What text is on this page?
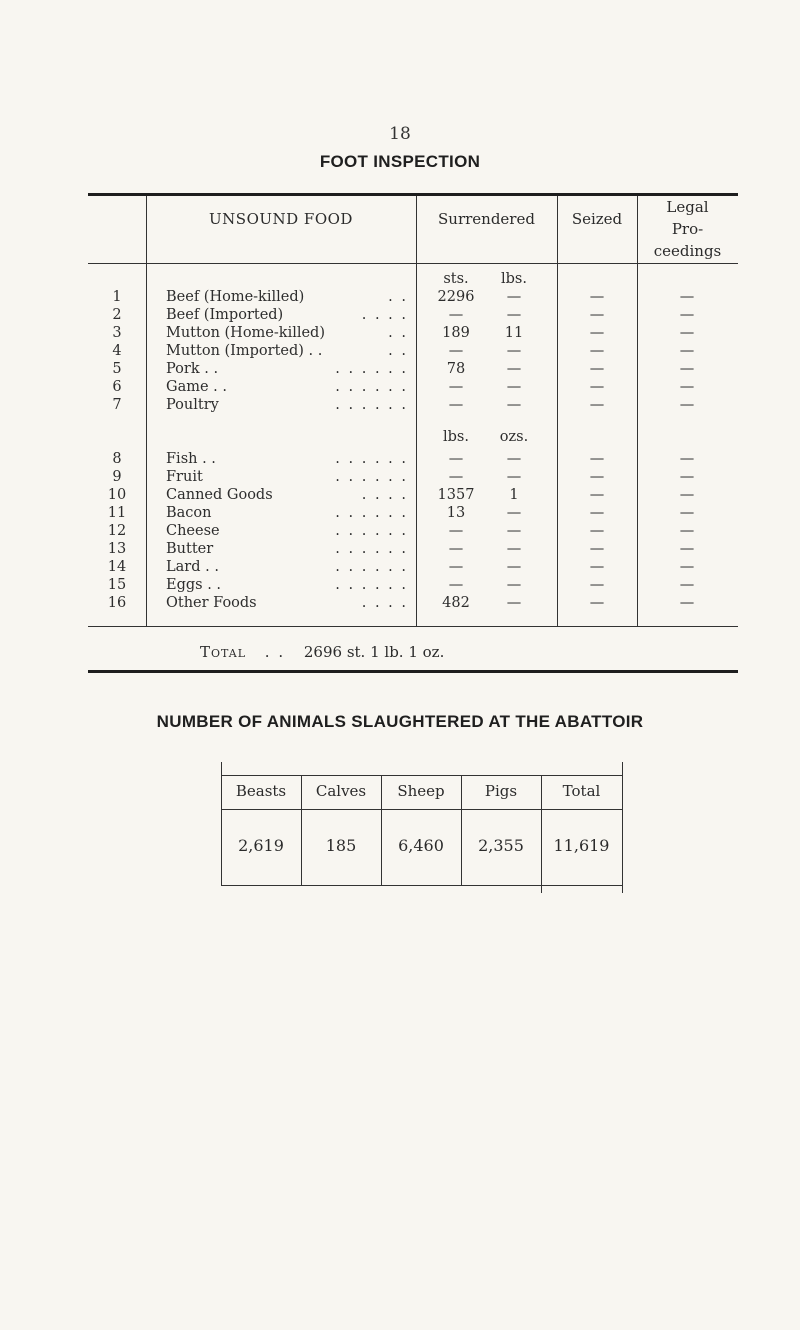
18
FOOT INSPECTION
UNSOUND FOOD	Surrendered	Seized
Legal
Pro-
ceedings
sts.	lbs.
lbs.	ozs.
1	Beef (Home-killed)	. .	2296	—	—	—
2	Beef (Imported)	. . . .	—	—	—	—
3	Mutton (Home-killed)	. .	189	11	—	—
4	Mutton (Imported) . .	. .	—	—	—	—
5	Pork . .	. . . . . .	78	—	—	—
6	Game . .	. . . . . .	—	—	—	—
7	Poultry	. . . . . .	—	—	—	—
8	Fish . .	. . . . . .	—	—	—	—
9	Fruit	. . . . . .	—	—	—	—
10	Canned Goods	. . . .	1357	1	—	—
11	Bacon	. . . . . .	13	—	—	—
12	Cheese	. . . . . .	—	—	—	—
13	Butter	. . . . . .	—	—	—	—
14	Lard . .	. . . . . .	—	—	—	—
15	Eggs . .	. . . . . .	—	—	—	—
16	Other Foods	. . . .	482	—	—	—
Total . . 2696 st. 1 lb. 1 oz.
NUMBER OF ANIMALS SLAUGHTERED AT THE ABATTOIR
Beasts	Calves	Sheep	Pigs	Total
2,619	185	6,460	2,355	11,619
